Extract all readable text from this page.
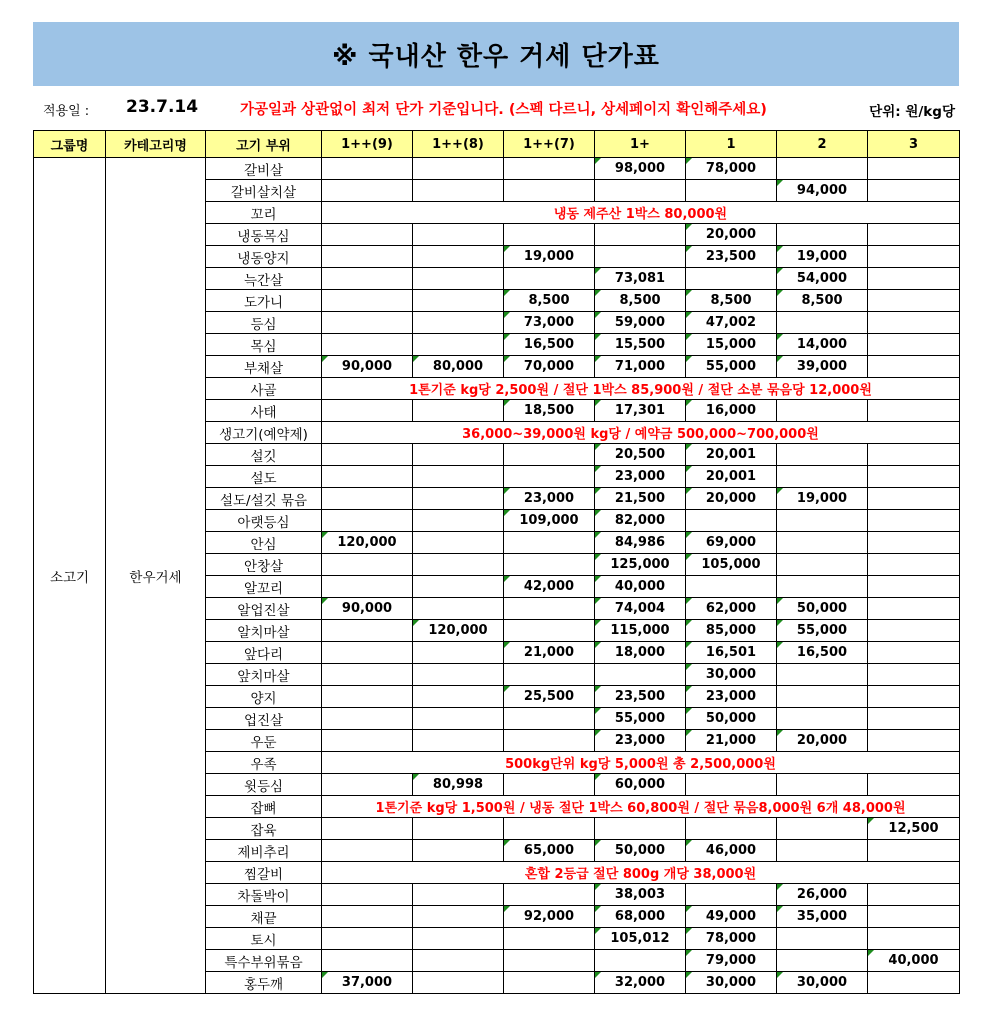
※ 국내산 한우 거세 단가표
적용일 : 23.7.14	가공일과 상관없이 최저 단가 기준입니다. (스펙 다르니, 상세페이지 확인해주세요)	단위: 원/kg당
그룹명	카테고리명	고기 부위	1++(9)	1++(8)	1++(7)	1+	1	2	3
소고기	한우거세	갈비살				98,000	78,000		
		갈비살치살						94,000	
		꼬리	냉동 제주산 1박스 80,000원						
		냉동목심					20,000		
		냉동양지			19,000		23,500	19,000	
		늑간살				73,081		54,000	
		도가니			8,500	8,500	8,500	8,500	
		등심			73,000	59,000	47,002		
		목심			16,500	15,500	15,000	14,000	
		부채살	90,000	80,000	70,000	71,000	55,000	39,000	
		사골	1톤기준 kg당 2,500원 / 절단 1박스 85,900원 / 절단 소분 묶음당 12,000원						
		사태			18,500	17,301	16,000		
		생고기(예약제)	36,000~39,000원 kg당 / 예약금 500,000~700,000원						
		설깃				20,500	20,001		
		설도				23,000	20,001		
		설도/설깃 묶음			23,000	21,500	20,000	19,000	
		아랫등심			109,000	82,000			
		안심	120,000			84,986	69,000		
		안창살				125,000	105,000		
		알꼬리			42,000	40,000			
		알업진살	90,000			74,004	62,000	50,000	
		알치마살		120,000		115,000	85,000	55,000	
		앞다리			21,000	18,000	16,501	16,500	
		앞치마살					30,000		
		양지			25,500	23,500	23,000		
		업진살				55,000	50,000		
		우둔				23,000	21,000	20,000	
		우족	500kg단위 kg당 5,000원 총 2,500,000원						
		윗등심		80,998		60,000			
		잡뼈	1톤기준 kg당 1,500원 / 냉동 절단 1박스 60,800원 / 절단 묶음8,000원 6개 48,000원						
		잡육							12,500
		제비추리			65,000	50,000	46,000		
		찜갈비	혼합 2등급 절단 800g 개당 38,000원						
		차돌박이				38,003		26,000	
		채끝			92,000	68,000	49,000	35,000	
		토시				105,012	78,000		
		특수부위묶음					79,000		40,000
		홍두깨	37,000			32,000	30,000	30,000	
